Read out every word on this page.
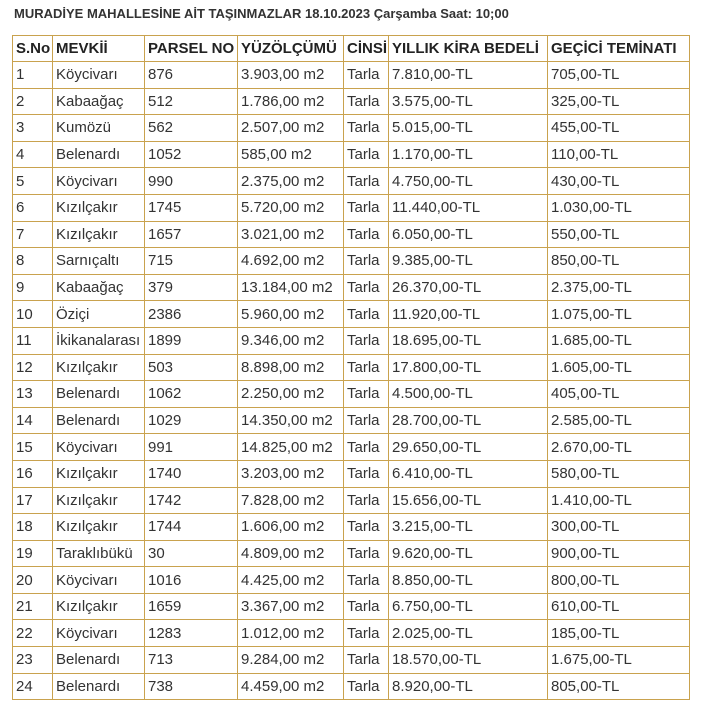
MURADİYE MAHALLESİNE AİT TAŞINMAZLAR 18.10.2023 Çarşamba Saat: 10;00
S.No	MEVKİİ	PARSEL NO	YÜZÖLÇÜMÜ	CİNSİ	YILLIK KİRA BEDELİ	GEÇİCİ TEMİNATI
1	Köycivarı	876	3.903,00 m2	Tarla	7.810,00-TL	705,00-TL
2	Kabaağaç	512	1.786,00 m2	Tarla	3.575,00-TL	325,00-TL
3	Kumözü	562	2.507,00 m2	Tarla	5.015,00-TL	455,00-TL
4	Belenardı	1052	585,00 m2	Tarla	1.170,00-TL	110,00-TL
5	Köycivarı	990	2.375,00 m2	Tarla	4.750,00-TL	430,00-TL
6	Kızılçakır	1745	5.720,00 m2	Tarla	11.440,00-TL	1.030,00-TL
7	Kızılçakır	1657	3.021,00 m2	Tarla	6.050,00-TL	550,00-TL
8	Sarnıçaltı	715	4.692,00 m2	Tarla	9.385,00-TL	850,00-TL
9	Kabaağaç	379	13.184,00 m2	Tarla	26.370,00-TL	2.375,00-TL
10	Öziçi	2386	5.960,00 m2	Tarla	11.920,00-TL	1.075,00-TL
11	İkikanalarası	1899	9.346,00 m2	Tarla	18.695,00-TL	1.685,00-TL
12	Kızılçakır	503	8.898,00 m2	Tarla	17.800,00-TL	1.605,00-TL
13	Belenardı	1062	2.250,00 m2	Tarla	4.500,00-TL	405,00-TL
14	Belenardı	1029	14.350,00 m2	Tarla	28.700,00-TL	2.585,00-TL
15	Köycivarı	991	14.825,00 m2	Tarla	29.650,00-TL	2.670,00-TL
16	Kızılçakır	1740	3.203,00 m2	Tarla	6.410,00-TL	580,00-TL
17	Kızılçakır	1742	7.828,00 m2	Tarla	15.656,00-TL	1.410,00-TL
18	Kızılçakır	1744	1.606,00 m2	Tarla	3.215,00-TL	300,00-TL
19	Taraklıbükü	30	4.809,00 m2	Tarla	9.620,00-TL	900,00-TL
20	Köycivarı	1016	4.425,00 m2	Tarla	8.850,00-TL	800,00-TL
21	Kızılçakır	1659	3.367,00 m2	Tarla	6.750,00-TL	610,00-TL
22	Köycivarı	1283	1.012,00 m2	Tarla	2.025,00-TL	185,00-TL
23	Belenardı	713	9.284,00 m2	Tarla	18.570,00-TL	1.675,00-TL
24	Belenardı	738	4.459,00 m2	Tarla	8.920,00-TL	805,00-TL
